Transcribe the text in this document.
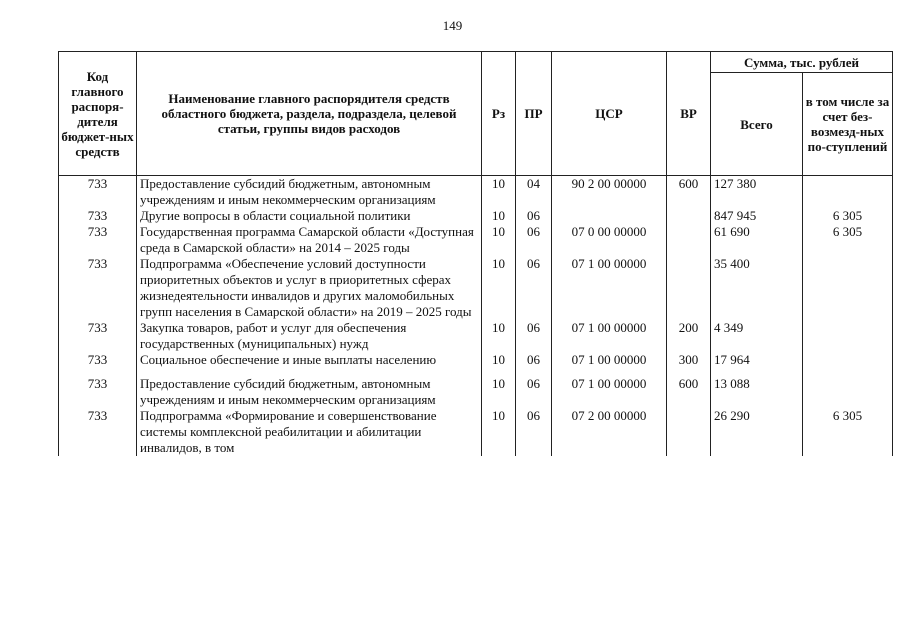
149
Код главного распоря-дителя бюджет-ных средств	Наименование главного распорядителя средств областного бюджета, раздела, подраздела, целевой статьи, группы видов расходов	Рз	ПР	ЦСР	ВР	Сумма, тыс. рублей	
						Всего	в том числе за счет без-возмезд-ных по-ступлений
733	Предоставление субсидий бюджетным, автономным учреждениям и иным некоммерческим организациям	10	04	90 2 00 00000	600	127 380	
733	Другие вопросы в области социальной политики	10	06			847 945	6 305
733	Государственная программа Самарской области «Доступная среда в Самарской области» на 2014 – 2025 годы	10	06	07 0 00 00000		61 690	6 305
733	Подпрограмма «Обеспечение условий доступности приоритетных объектов и услуг в приоритетных сферах жизнедеятельности инвалидов и других маломобильных групп населения в Самарской области» на 2019 – 2025 годы	10	06	07 1 00 00000		35 400	
733	Закупка товаров, работ и услуг для обеспечения государственных (муниципальных) нужд	10	06	07 1 00 00000	200	4 349	
733	Социальное обеспечение и иные выплаты населению	10	06	07 1 00 00000	300	17 964	

733	Предоставление субсидий бюджетным, автономным учреждениям и иным некоммерческим организациям	10	06	07 1 00 00000	600	13 088	
733	Подпрограмма «Формирование и совершенствование системы комплексной реабилитации и абилитации инвалидов, в том	10	06	07 2 00 00000		26 290	6 305
